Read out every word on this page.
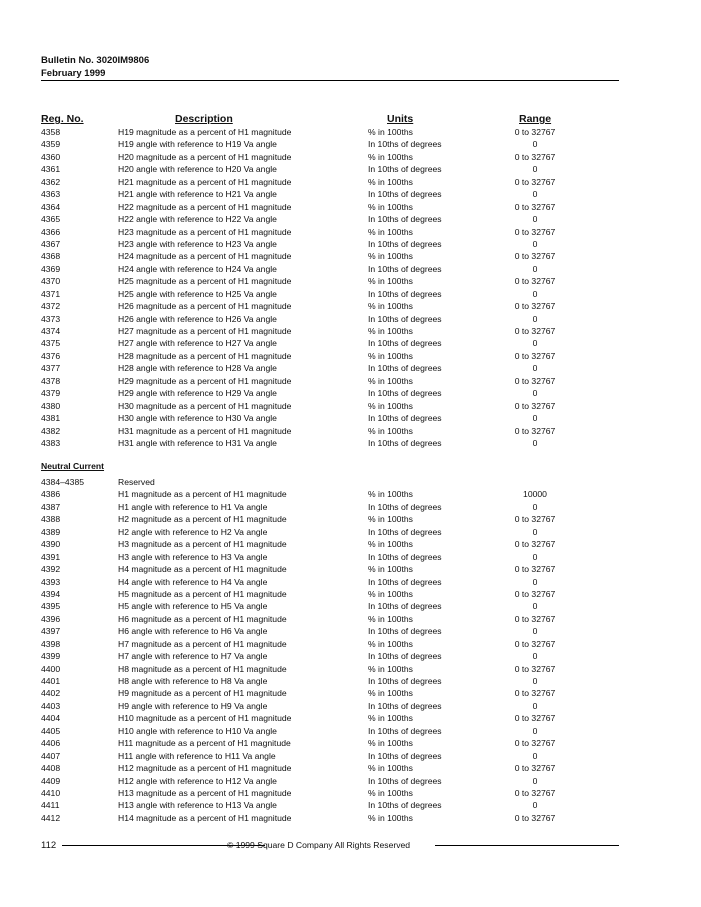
Bulletin No. 3020IM9806
February 1999
Reg. No.	Description	Units	Range
4358	H19 magnitude as a percent of H1 magnitude	% in 100ths	0 to 32767
4359	H19 angle with reference to H19 Va angle	In 10ths of degrees	0
4360	H20 magnitude as a percent of H1 magnitude	% in 100ths	0 to 32767
4361	H20 angle with reference to H20 Va angle	In 10ths of degrees	0
4362	H21 magnitude as a percent of H1 magnitude	% in 100ths	0 to 32767
4363	H21 angle with reference to H21 Va angle	In 10ths of degrees	0
4364	H22 magnitude as a percent of H1 magnitude	% in 100ths	0 to 32767
4365	H22 angle with reference to H22 Va angle	In 10ths of degrees	0
4366	H23 magnitude as a percent of H1 magnitude	% in 100ths	0 to 32767
4367	H23 angle with reference to H23 Va angle	In 10ths of degrees	0
4368	H24 magnitude as a percent of H1 magnitude	% in 100ths	0 to 32767
4369	H24 angle with reference to H24 Va angle	In 10ths of degrees	0
4370	H25 magnitude as a percent of H1 magnitude	% in 100ths	0 to 32767
4371	H25 angle with reference to H25 Va angle	In 10ths of degrees	0
4372	H26 magnitude as a percent of H1 magnitude	% in 100ths	0 to 32767
4373	H26 angle with reference to H26 Va angle	In 10ths of degrees	0
4374	H27 magnitude as a percent of H1 magnitude	% in 100ths	0 to 32767
4375	H27 angle with reference to H27 Va angle	In 10ths of degrees	0
4376	H28 magnitude as a percent of H1 magnitude	% in 100ths	0 to 32767
4377	H28 angle with reference to H28 Va angle	In 10ths of degrees	0
4378	H29 magnitude as a percent of H1 magnitude	% in 100ths	0 to 32767
4379	H29 angle with reference to H29 Va angle	In 10ths of degrees	0
4380	H30 magnitude as a percent of H1 magnitude	% in 100ths	0 to 32767
4381	H30 angle with reference to H30 Va angle	In 10ths of degrees	0
4382	H31 magnitude as a percent of H1 magnitude	% in 100ths	0 to 32767
4383	H31 angle with reference to H31 Va angle	In 10ths of degrees	0
Neutral Current
4384–4385	Reserved
4386	H1 magnitude as a percent of H1 magnitude	% in 100ths	10000
4387	H1 angle with reference to H1 Va angle	In 10ths of degrees	0
4388	H2 magnitude as a percent of H1 magnitude	% in 100ths	0 to 32767
4389	H2 angle with reference to H2 Va angle	In 10ths of degrees	0
4390	H3 magnitude as a percent of H1 magnitude	% in 100ths	0 to 32767
4391	H3 angle with reference to H3 Va angle	In 10ths of degrees	0
4392	H4 magnitude as a percent of H1 magnitude	% in 100ths	0 to 32767
4393	H4 angle with reference to H4 Va angle	In 10ths of degrees	0
4394	H5 magnitude as a percent of H1 magnitude	% in 100ths	0 to 32767
4395	H5 angle with reference to H5 Va angle	In 10ths of degrees	0
4396	H6 magnitude as a percent of H1 magnitude	% in 100ths	0 to 32767
4397	H6 angle with reference to H6 Va angle	In 10ths of degrees	0
4398	H7 magnitude as a percent of H1 magnitude	% in 100ths	0 to 32767
4399	H7 angle with reference to H7 Va angle	In 10ths of degrees	0
4400	H8 magnitude as a percent of H1 magnitude	% in 100ths	0 to 32767
4401	H8 angle with reference to H8 Va angle	In 10ths of degrees	0
4402	H9 magnitude as a percent of H1 magnitude	% in 100ths	0 to 32767
4403	H9 angle with reference to H9 Va angle	In 10ths of degrees	0
4404	H10 magnitude as a percent of H1 magnitude	% in 100ths	0 to 32767
4405	H10 angle with reference to H10 Va angle	In 10ths of degrees	0
4406	H11 magnitude as a percent of H1 magnitude	% in 100ths	0 to 32767
4407	H11 angle with reference to H11 Va angle	In 10ths of degrees	0
4408	H12 magnitude as a percent of H1 magnitude	% in 100ths	0 to 32767
4409	H12 angle with reference to H12 Va angle	In 10ths of degrees	0
4410	H13 magnitude as a percent of H1 magnitude	% in 100ths	0 to 32767
4411	H13 angle with reference to H13 Va angle	In 10ths of degrees	0
4412	H14 magnitude as a percent of H1 magnitude	% in 100ths	0 to 32767
112	© 1999 Square D Company All Rights Reserved
